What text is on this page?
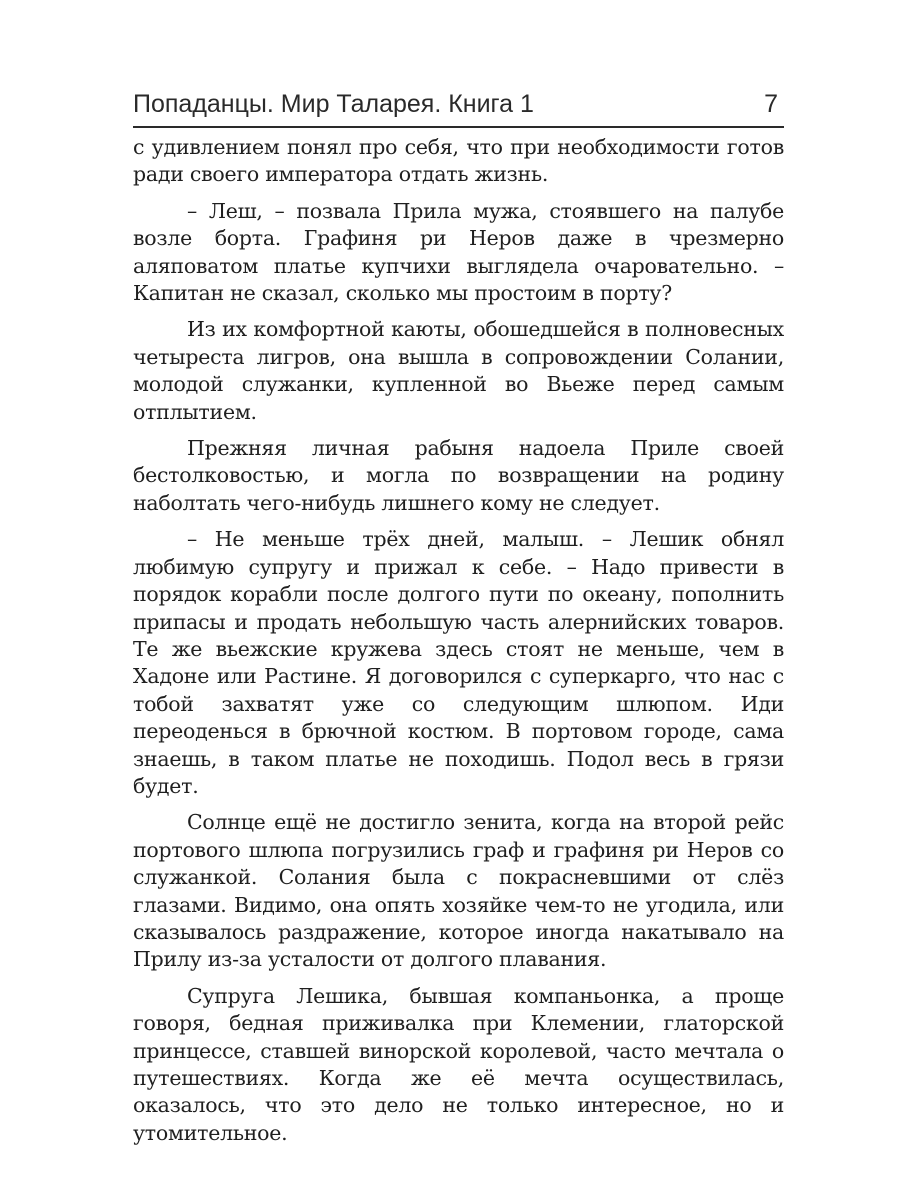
Попаданцы. Мир Таларея. Книга 1	7

с удивлением понял про себя, что при необходимости готов ради своего императора отдать жизнь.

– Леш, – позвала Прила мужа, стоявшего на палубе возле борта. Графиня ри Неров даже в чрезмерно аляповатом платье купчихи выглядела очаровательно. – Капитан не сказал, сколько мы простоим в порту?

Из их комфортной каюты, обошедшейся в полновесных четыреста лигров, она вышла в сопровождении Солании, молодой служанки, купленной во Вьеже перед самым отплытием.

Прежняя личная рабыня надоела Приле своей бестолковостью, и могла по возвращении на родину наболтать чего-нибудь лишнего кому не следует.

– Не меньше трёх дней, малыш. – Лешик обнял любимую супругу и прижал к себе. – Надо привести в порядок корабли после долгого пути по океану, пополнить припасы и продать небольшую часть алернийских товаров. Те же вьежские кружева здесь стоят не меньше, чем в Хадоне или Растине. Я договорился с суперкарго, что нас с тобой захватят уже со следующим шлюпом. Иди переоденься в брючной костюм. В портовом городе, сама знаешь, в таком платье не походишь. Подол весь в грязи будет.

Солнце ещё не достигло зенита, когда на второй рейс портового шлюпа погрузились граф и графиня ри Неров со служанкой. Солания была с покрасневшими от слёз глазами. Видимо, она опять хозяйке чем-то не угодила, или сказывалось раздражение, которое иногда накатывало на Прилу из-за усталости от долгого плавания.

Супруга Лешика, бывшая компаньонка, а проще говоря, бедная приживалка при Клемении, глаторской принцессе, ставшей винорской королевой, часто мечтала о путешествиях. Когда же её мечта осуществилась, оказалось, что это дело не только интересное, но и утомительное.
